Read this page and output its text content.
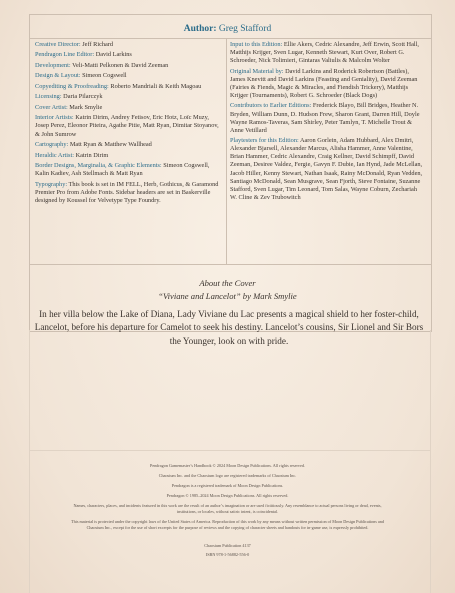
Author: Greg Stafford
Creative Director: Jeff Richard
Pendragon Line Editor: David Larkins
Development: Veli-Matti Pelkonen & David Zeeman
Design & Layout: Simeon Cogswell
Copyediting & Proofreading: Roberto Mandriali & Keith Magoau
Licensing: Daria Pilarczyk
Cover Artist: Mark Smylie
Interior Artists: Katrin Dirim, Andrey Fetisov, Eric Hotz, Loïc Muzy, Josep Perez, Eleonor Piteira, Agathe Pitie, Matt Ryan, Dimitar Stoyanov, & John Sumrow
Cartography: Matt Ryan & Matthew Wallhead
Heraldic Artist: Katrin Dirim
Border Designs, Marginalia, & Graphic Elements: Simeon Cogswell, Kalin Kadiev, Ash Stellmach & Matt Ryan
Typography: This book is set in IM FELL, Herb, Gothicus, & Garamond Premier Pro from Adobe Fonts. Sidebar headers are set in Baskerville designed by Koussel for Velvetype Type Foundry.
Input to this Edition: Ellie Akers, Cedric Alexandre, Jeff Erwin, Scott Hall, Matthijs Krijger, Sven Lugar, Kenneth Stewart, Kurt Over, Robert G. Schroeder, Nick Tolimieri, Gintaras Valiulis & Malcolm Wolter
Original Material by: David Larkins and Roderick Robertson (Battles), James Knevitt and David Larkins (Feasting and Geniality), David Zeeman (Fairies & Fiends, Magic & Miracles, and Fiendish Trickery), Matthijs Krijger (Tournaments), Robert G. Schroeder (Black Dogs)
Contributors to Earlier Editions: Frederick Blayo, Bill Bridges, Heather N. Bryden, William Dunn, D. Hudson Frew, Sharon Grant, Darren Hill, Doyle Wayne Ramos-Taveras, Sam Shirley, Peter Tamlyn, T. Michelle Trout & Anne Vetillard
Playtesters for this Edition: Aaron Gorlein, Adam Hubbard, Alex Dmitri, Alexander Bjarsell, Alexander Marcus, Alisha Hammer, Anne Valentine, Brian Hammer, Cedric Alexandre, Craig Kellner, David Schimpff, David Zeeman, Desiree Valdez, Fergie, Gavyn F. Dubie, Ian Hynd, Jade McLellan, Jacob Hiller, Kenny Stewart, Nathan Isaak, Rainy McDonald, Ryan Vedden, Santiago McDonald, Sean Musgrave, Sean Fjorth, Steve Fontaine, Suzanne Stafford, Sven Lugar, Tim Leonard, Tom Salas, Wayne Coburn, Zechariah W. Cline & Zev Trubowitch
About the Cover
“Viviane and Lancelot” by Mark Smylie
In her villa below the Lake of Diana, Lady Viviane du Lac presents a magical shield to her foster-child, Lancelot, before his departure for Camelot to seek his destiny. Lancelot’s cousins, Sir Lionel and Sir Bors the Younger, look on with pride.
Pendragon Gamemaster’s Handbook © 2024 Moon Design Publications. All rights reserved.
Chaosium Inc. and the Chaosium logo are registered trademarks of Chaosium Inc.
Pendragon is a registered trademark of Moon Design Publications.
Pendragon © 1985–2024 Moon Design Publications. All rights reserved.
Names, characters, places, and incidents featured in this work are the result of an author’s imagination or are used fictitiously. Any resemblance to actual persons living or dead, events, institutions, or locales, without satiric intent, is coincidental.
This material is protected under the copyright laws of the United States of America. Reproduction of this work by any means without written permission of Moon Design Publications and Chaosium Inc., except for the use of short excerpts for the purpose of reviews and the copying of character sheets and handouts for in-game use, is expressly prohibited.
Chaosium Publication 4137
ISBN 978-1-56882-556-0
